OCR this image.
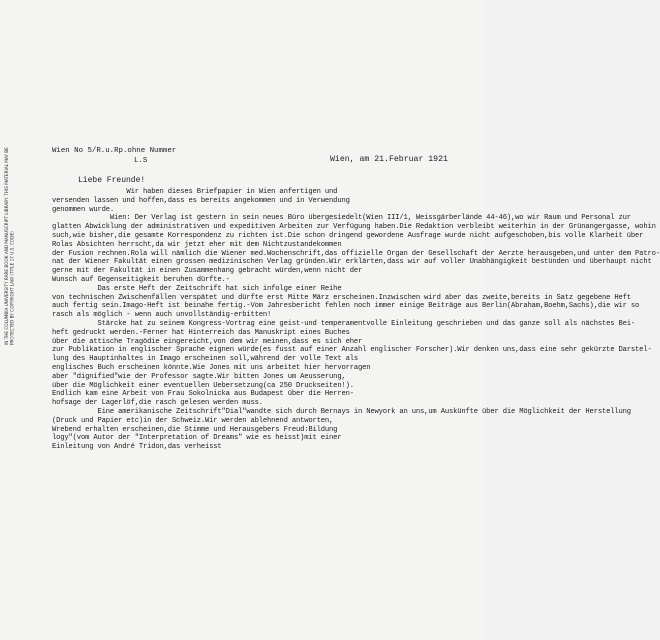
IN THE COLUMBIA UNIVERSITY RARE BOOK AND MANUSCRIPT LIBRARY. THIS MATERIAL MAY BE PROTECTED BY COPYRIGHT LAW (TITLE 17 U.S. CODE)
Wien No 5/R.u.Rp.ohne Nummer
L.S	Wien, am 21.Februar 1921
Liebe Freunde!
Wir haben dieses Briefpapier in Wien anfertigen und
versenden lassen und hoffen,dass es bereits angekommen und in Verwendung
genommen wurde.
Wien: Der Verlag ist gestern in sein neues Büro übergesiedelt(Wien III/1, Weissgärberlände 44-46),wo wir Raum und Personal zur
glatten Abwicklung der administrativen und expeditiven Arbeiten zur Verfügung haben.Die Redaktion verbleibt weiterhin in der Grünangergasse, wohin
such,wie bisher,die gesamte Korrespondenz zu richten ist.Die schon dringend gewordene Ausfrage wurde nicht aufgeschoben,bis volle Klarheit über
Rolas Absichten herrscht,da wir jetzt eher mit dem Nichtzustandekommen
der Fusion rechnen.Rola will nämlich die Wiener med.Wochenschrift,das offizielle Organ der Gesellschaft der Aerzte herausgeben,und unter dem Patro-
nat der Wiener Fakultät einen grossen medizinischen Verlag gründen.Wir erklärten,dass wir auf voller Unabhängigkeit bestünden und überhaupt nicht
gerne mit der Fakultät in einen Zusammenhang gebracht würden,wenn nicht der
Wunsch auf Gegenseitigkeit beruhen dürfte.-
Das erste Heft der Zeitschrift hat sich infolge einer Reihe
von technischen Zwischenfällen verspätet und dürfte erst Mitte März erscheinen.Inzwischen wird aber das zweite,bereits in Satz gegebene Heft
auch fertig sein.Imago-Heft ist beinahe fertig.-Vom Jahresbericht fehlen noch immer einige Beiträge aus Berlin(Abraham,Boehm,Sachs),die wir so
rasch als möglich - wenn auch unvollständig-erbitten!
Stärcke hat zu seinem Kongress-Vortrag eine geist-und temperamentvolle Einleitung geschrieben und das ganze soll als nächstes Bei-
heft gedruckt werden.-Ferner hat Hinterreich das Manuskript eines Buches
über die attische Tragödie eingereicht,von dem wir meinen,dass es sich eher
zur Publikation in englischer Sprache eignen würde(es fusst auf einer Anzahl englischer Forscher).Wir denken uns,dass eine sehr gekürzte Darstel-
lung des Hauptinhaltes in Imago erscheinen soll,während der volle Text als
englisches Buch erscheinen könnte.Wie Jones mit uns arbeitet hier hervorragen
aber "dignified"wie der Professor sagte.Wir bitten Jones um Aeusserung,
über die Möglichkeit einer eventuellen Uebersetzung(ca 250 Druckseiten!).
Endlich kam eine Arbeit von Frau Sokolnicka aus Budapest über die Herren-
hofsage der Lagerlöf,die rasch gelesen werden muss.
Eine amerikanische Zeitschrift"Dial"wandte sich durch Bernays in Newyork an uns,um Auskünfte über die Möglichkeit der Herstellung
(Druck und Papier etc)in der Schweiz.Wir werden ablehnend antworten,
Wrebend erhalten erscheinen,die Stimme und Herausgebers Freud:Bildung
logy"(vom Autor der "Interpretation of Dreams" wie es heisst)mit einer
Einleitung von André Tridon,das verheisst
